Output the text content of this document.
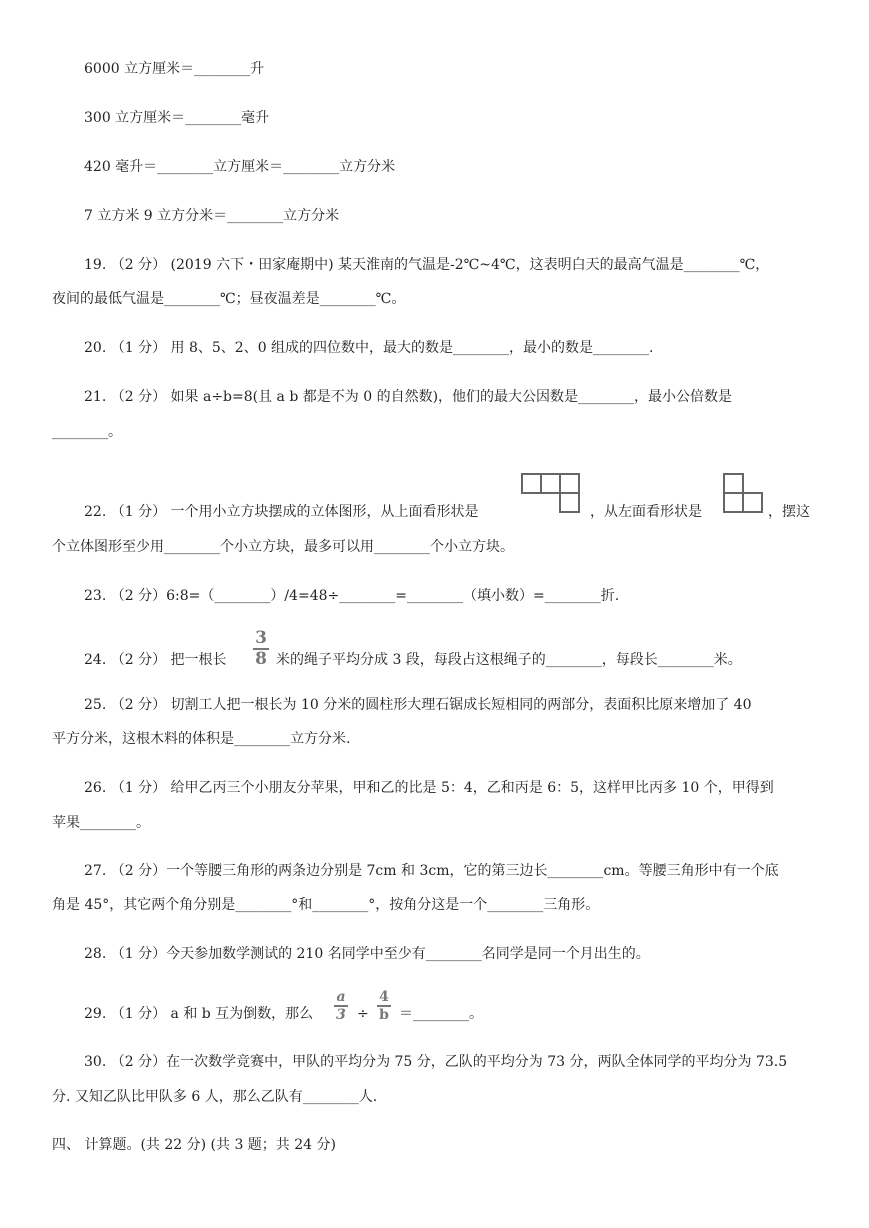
6000 立方厘米＝________升
300 立方厘米＝________毫升
420 毫升＝________立方厘米＝________立方分米
7 立方米 9 立方分米＝________立方分米
19. （2 分） (2019 六下・田家庵期中) 某天淮南的气温是-2℃~4℃，这表明白天的最高气温是________℃，
夜间的最低气温是________℃；昼夜温差是________℃。
20. （1 分） 用 8、5、2、0 组成的四位数中，最大的数是________，最小的数是________.
21. （2 分） 如果 a÷b=8(且 a b 都是不为 0 的自然数)，他们的最大公因数是________，最小公倍数是
________。
22. （1 分） 一个用小立方块摆成的立体图形，从上面看形状是	，从左面看形状是	，摆这
个立体图形至少用________个小立方块，最多可以用________个小立方块。
23. （2 分）6:8=（________）/4=48÷________=________（填小数）=________折.
24. （2 分） 把一根长
3
8 米的绳子平均分成 3 段，每段占这根绳子的________，每段长________米。
25. （2 分） 切割工人把一根长为 10 分米的圆柱形大理石锯成长短相同的两部分，表面积比原来增加了 40
平方分米，这根木料的体积是________立方分米.
26. （1 分） 给甲乙丙三个小朋友分苹果，甲和乙的比是 5：4，乙和丙是 6：5，这样甲比丙多 10 个，甲得到
苹果________。
27. （2 分）一个等腰三角形的两条边分别是 7cm 和 3cm，它的第三边长________cm。等腰三角形中有一个底
角是 45°，其它两个角分别是________°和________°，按角分这是一个________三角形。
28. （1 分）今天参加数学测试的 210 名同学中至少有________名同学是同一个月出生的。
29. （1 分） a 和 b 互为倒数，那么
a
3 ÷
4
b ＝________。
30. （2 分）在一次数学竞赛中，甲队的平均分为 75 分，乙队的平均分为 73 分，两队全体同学的平均分为 73.5
分. 又知乙队比甲队多 6 人，那么乙队有________人.
四、 计算题。(共 22 分) (共 3 题；共 24 分)
